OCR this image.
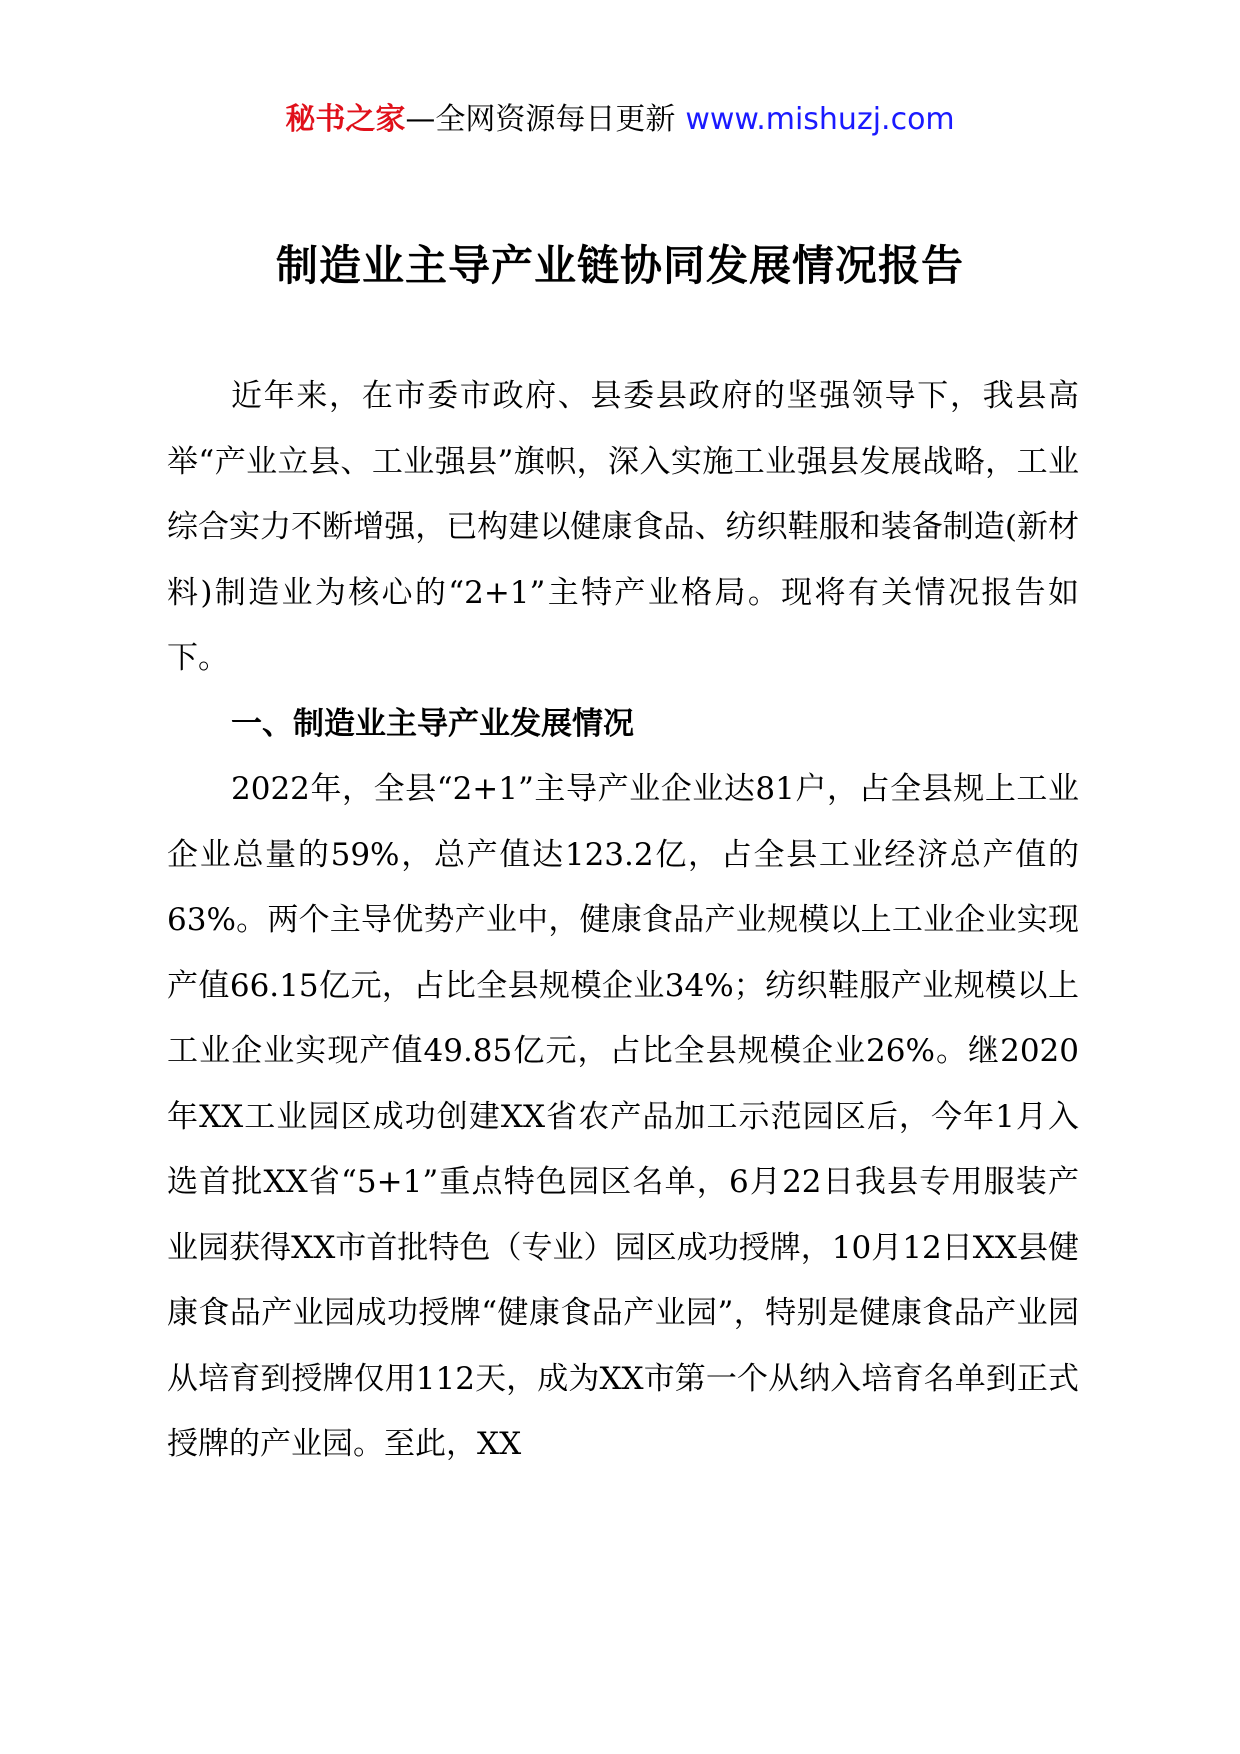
秘书之家—全网资源每日更新 www.mishuzj.com
制造业主导产业链协同发展情况报告

近年来，在市委市政府、县委县政府的坚强领导下，我县高举“产业立县、工业强县”旗帜，深入实施工业强县发展战略，工业综合实力不断增强，已构建以健康食品、纺织鞋服和装备制造(新材料)制造业为核心的“2+1”主特产业格局。现将有关情况报告如下。

一、制造业主导产业发展情况

2022年，全县“2+1”主导产业企业达81户，占全县规上工业企业总量的59%，总产值达123.2亿，占全县工业经济总产值的63%。两个主导优势产业中，健康食品产业规模以上工业企业实现产值66.15亿元，占比全县规模企业34%；纺织鞋服产业规模以上工业企业实现产值49.85亿元，占比全县规模企业26%。继2020年XX工业园区成功创建XX省农产品加工示范园区后，今年1月入选首批XX省“5+1”重点特色园区名单，6月22日我县专用服装产业园获得XX市首批特色（专业）园区成功授牌，10月12日XX县健康食品产业园成功授牌“健康食品产业园”，特别是健康食品产业园从培育到授牌仅用112天，成为XX市第一个从纳入培育名单到正式授牌的产业园。至此，XX
